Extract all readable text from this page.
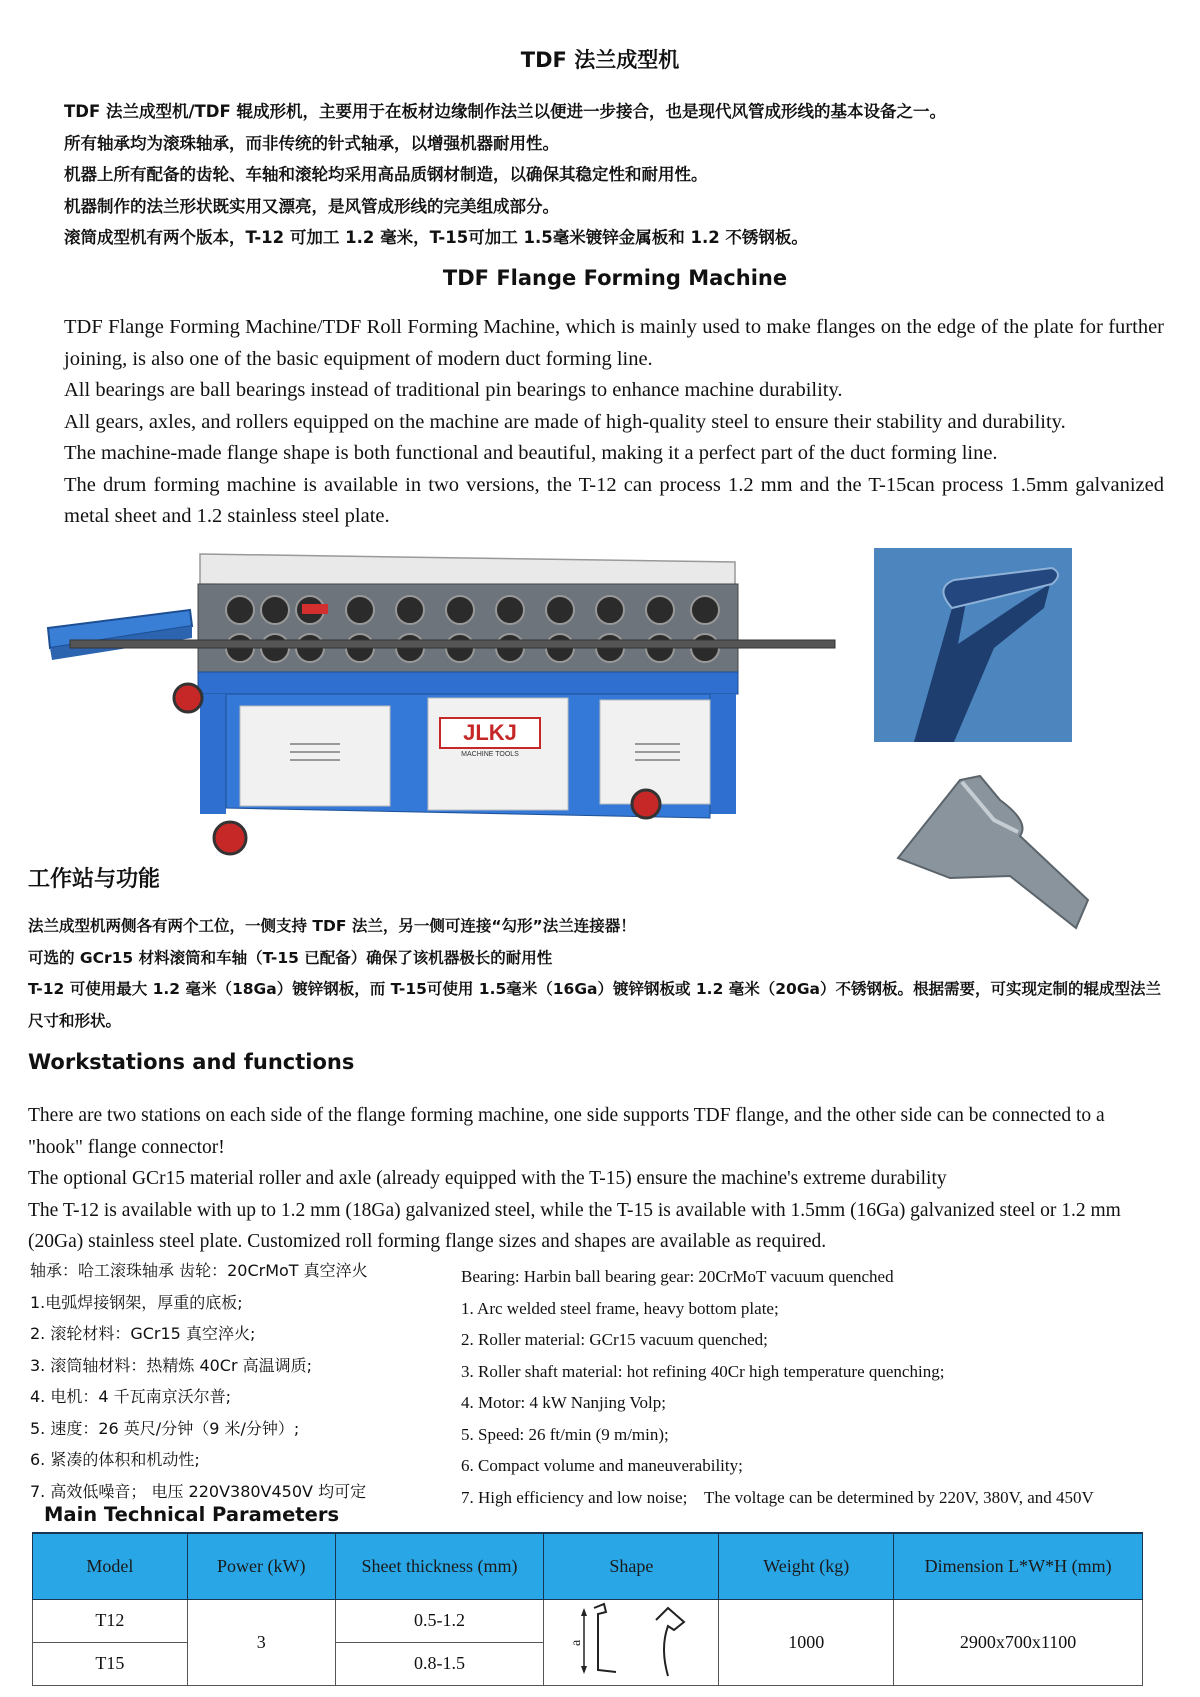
TDF 法兰成型机
TDF 法兰成型机/TDF 辊成形机，主要用于在板材边缘制作法兰以便进一步接合，也是现代风管成形线的基本设备之一。
所有轴承均为滚珠轴承，而非传统的针式轴承，以增强机器耐用性。
机器上所有配备的齿轮、车轴和滚轮均采用高品质钢材制造，以确保其稳定性和耐用性。
机器制作的法兰形状既实用又漂亮，是风管成形线的完美组成部分。
滚筒成型机有两个版本，T-12 可加工 1.2 毫米，T-15可加工 1.5毫米镀锌金属板和 1.2 不锈钢板。
TDF Flange Forming Machine

TDF Flange Forming Machine/TDF Roll Forming Machine, which is mainly used to make flanges on the edge of the plate for further joining, is also one of the basic equipment of modern duct forming line.

All bearings are ball bearings instead of traditional pin bearings to enhance machine durability.

All gears, axles, and rollers equipped on the machine are made of high-quality steel to ensure their stability and durability.

The machine-made flange shape is both functional and beautiful, making it a perfect part of the duct forming line.

The drum forming machine is available in two versions, the T-12 can process 1.2 mm and the T-15can process 1.5mm galvanized metal sheet and 1.2 stainless steel plate.

JLKJ
MACHINE TOOLS
工作站与功能
法兰成型机两侧各有两个工位，一侧支持 TDF 法兰，另一侧可连接“勾形”法兰连接器！
可选的 GCr15 材料滚筒和车轴（T-15 已配备）确保了该机器极长的耐用性
T-12 可使用最大 1.2 毫米（18Ga）镀锌钢板，而 T-15可使用 1.5毫米（16Ga）镀锌钢板或 1.2 毫米（20Ga）不锈钢板。根据需要，可实现定制的辊成型法兰尺寸和形状。
Workstations and functions

There are two stations on each side of the flange forming machine, one side supports TDF flange, and the other side can be connected to a "hook" flange connector!

The optional GCr15 material roller and axle (already equipped with the T-15) ensure the machine's extreme durability

The T-12 is available with up to 1.2 mm (18Ga) galvanized steel, while the T-15 is available with 1.5mm (16Ga) galvanized steel or 1.2 mm (20Ga) stainless steel plate. Customized roll forming flange sizes and shapes are available as required.

轴承：哈工滚珠轴承 齿轮：20CrMoT 真空淬火
1.电弧焊接钢架，厚重的底板;
2. 滚轮材料：GCr15 真空淬火;
3. 滚筒轴材料：热精炼 40Cr 高温调质;
4. 电机：4 千瓦南京沃尔普;
5. 速度：26 英尺/分钟（9 米/分钟）;
6. 紧凑的体积和机动性;
7. 高效低噪音； 电压 220V380V450V 均可定
Bearing: Harbin ball bearing gear: 20CrMoT vacuum quenched
1. Arc welded steel frame, heavy bottom plate;
2. Roller material: GCr15 vacuum quenched;
3. Roller shaft material: hot refining 40Cr high temperature quenching;
4. Motor: 4 kW Nanjing Volp;
5. Speed: 26 ft/min (9 m/min);
6. Compact volume and maneuverability;
7. High efficiency and low noise;    The voltage can be determined by 220V, 380V, and 450V
Main Technical Parameters
Model	Power (kW)	Sheet thickness (mm)	Shape	Weight (kg)	Dimension L*W*H (mm)
T12	3	0.5-1.2	a	1000	2900x700x1100
T15		0.8-1.5			
